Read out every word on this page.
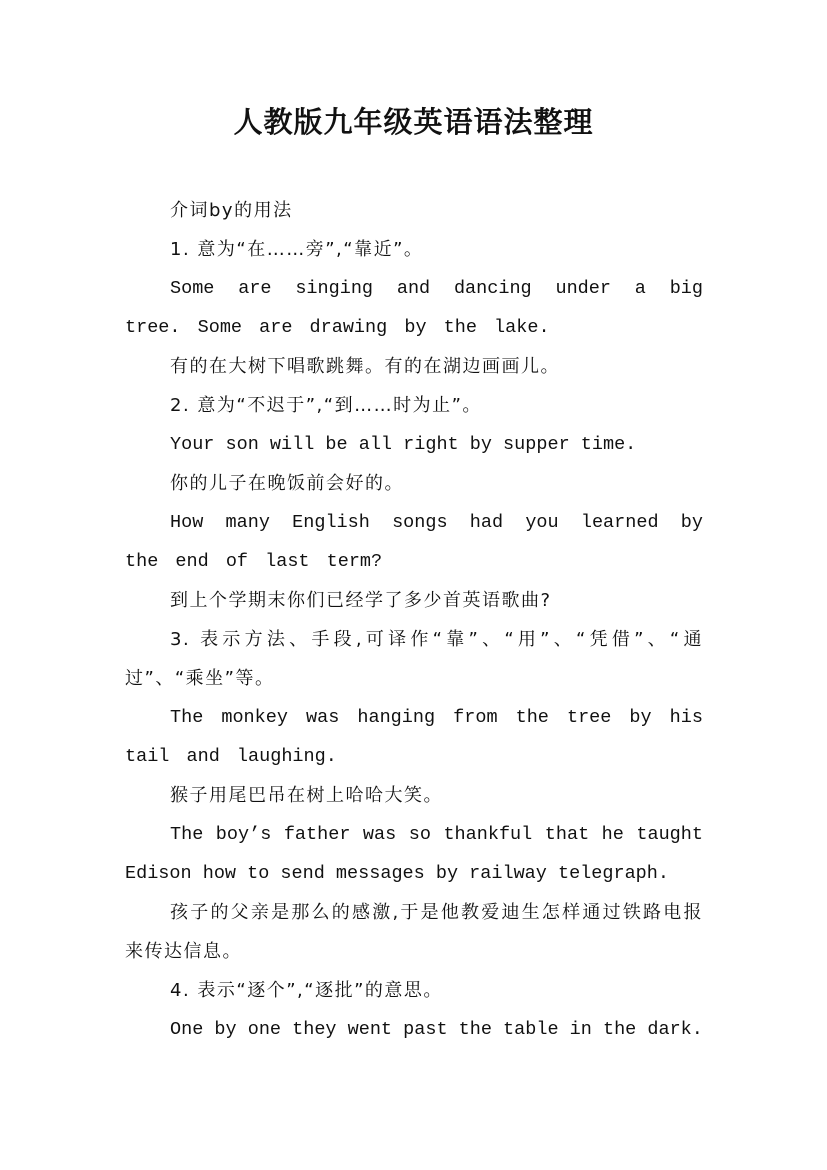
人教版九年级英语语法整理

介词by的用法

1. 意为“在……旁”,“靠近”。

Some are singing and dancing under a big tree. Some are drawing by the lake.

有的在大树下唱歌跳舞。有的在湖边画画儿。

2. 意为“不迟于”,“到……时为止”。

Your son will be all right by supper time.

你的儿子在晚饭前会好的。

How many English songs had you learned by the end of last term?

到上个学期末你们已经学了多少首英语歌曲?

3. 表示方法、手段,可译作“靠”、“用”、“凭借”、“通过”、“乘坐”等。

The monkey was hanging from the tree by his tail and laughing.

猴子用尾巴吊在树上哈哈大笑。

The boy’s father was so thankful that he taught Edison how to send messages by railway telegraph.

孩子的父亲是那么的感激,于是他教爱迪生怎样通过铁路电报来传达信息。

4. 表示“逐个”,“逐批”的意思。

One by one they went past the table in the dark.
